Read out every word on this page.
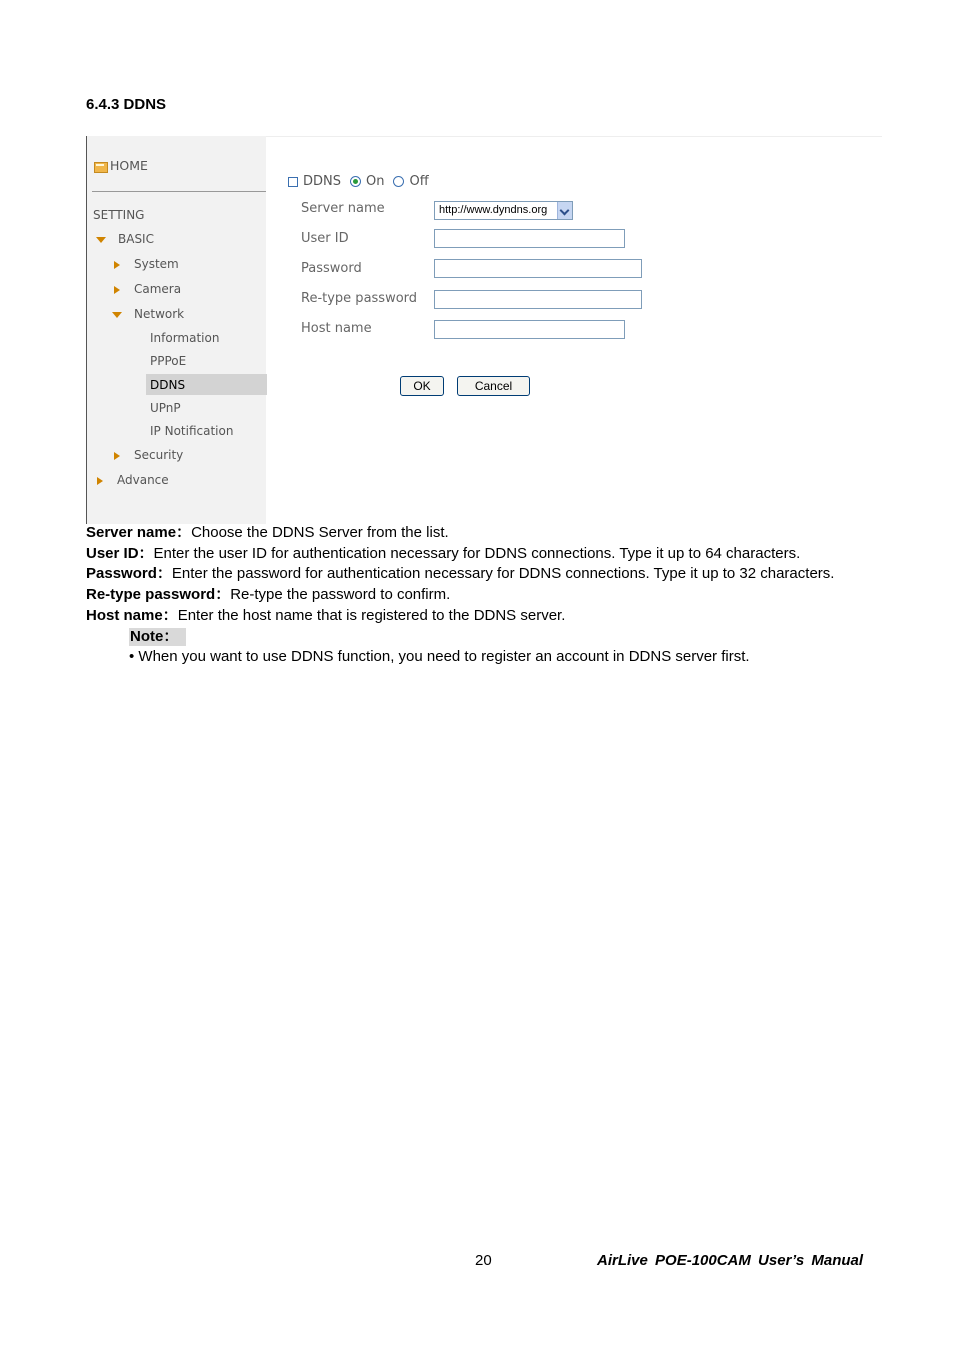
6.4.3 DDNS
HOME
SETTING
BASIC
System
Camera
Network
Information
PPPoE
DDNS
UPnP
IP Notification
Security
Advance
DDNS On Off
Server name	http://www.dyndns.org
User ID
Password
Re-type password
Host name
OK	Cancel
Server name：Choose the DDNS Server from the list.
User ID：Enter the user ID for authentication necessary for DDNS connections. Type it up to 64 characters.
Password：Enter the password for authentication necessary for DDNS connections. Type it up to 32 characters.
Re-type password：Re-type the password to confirm.
Host name：Enter the host name that is registered to the DDNS server.
Note：
• When you want to use DDNS function, you need to register an account in DDNS server first.
20	AirLive POE-100CAM User’s Manual
